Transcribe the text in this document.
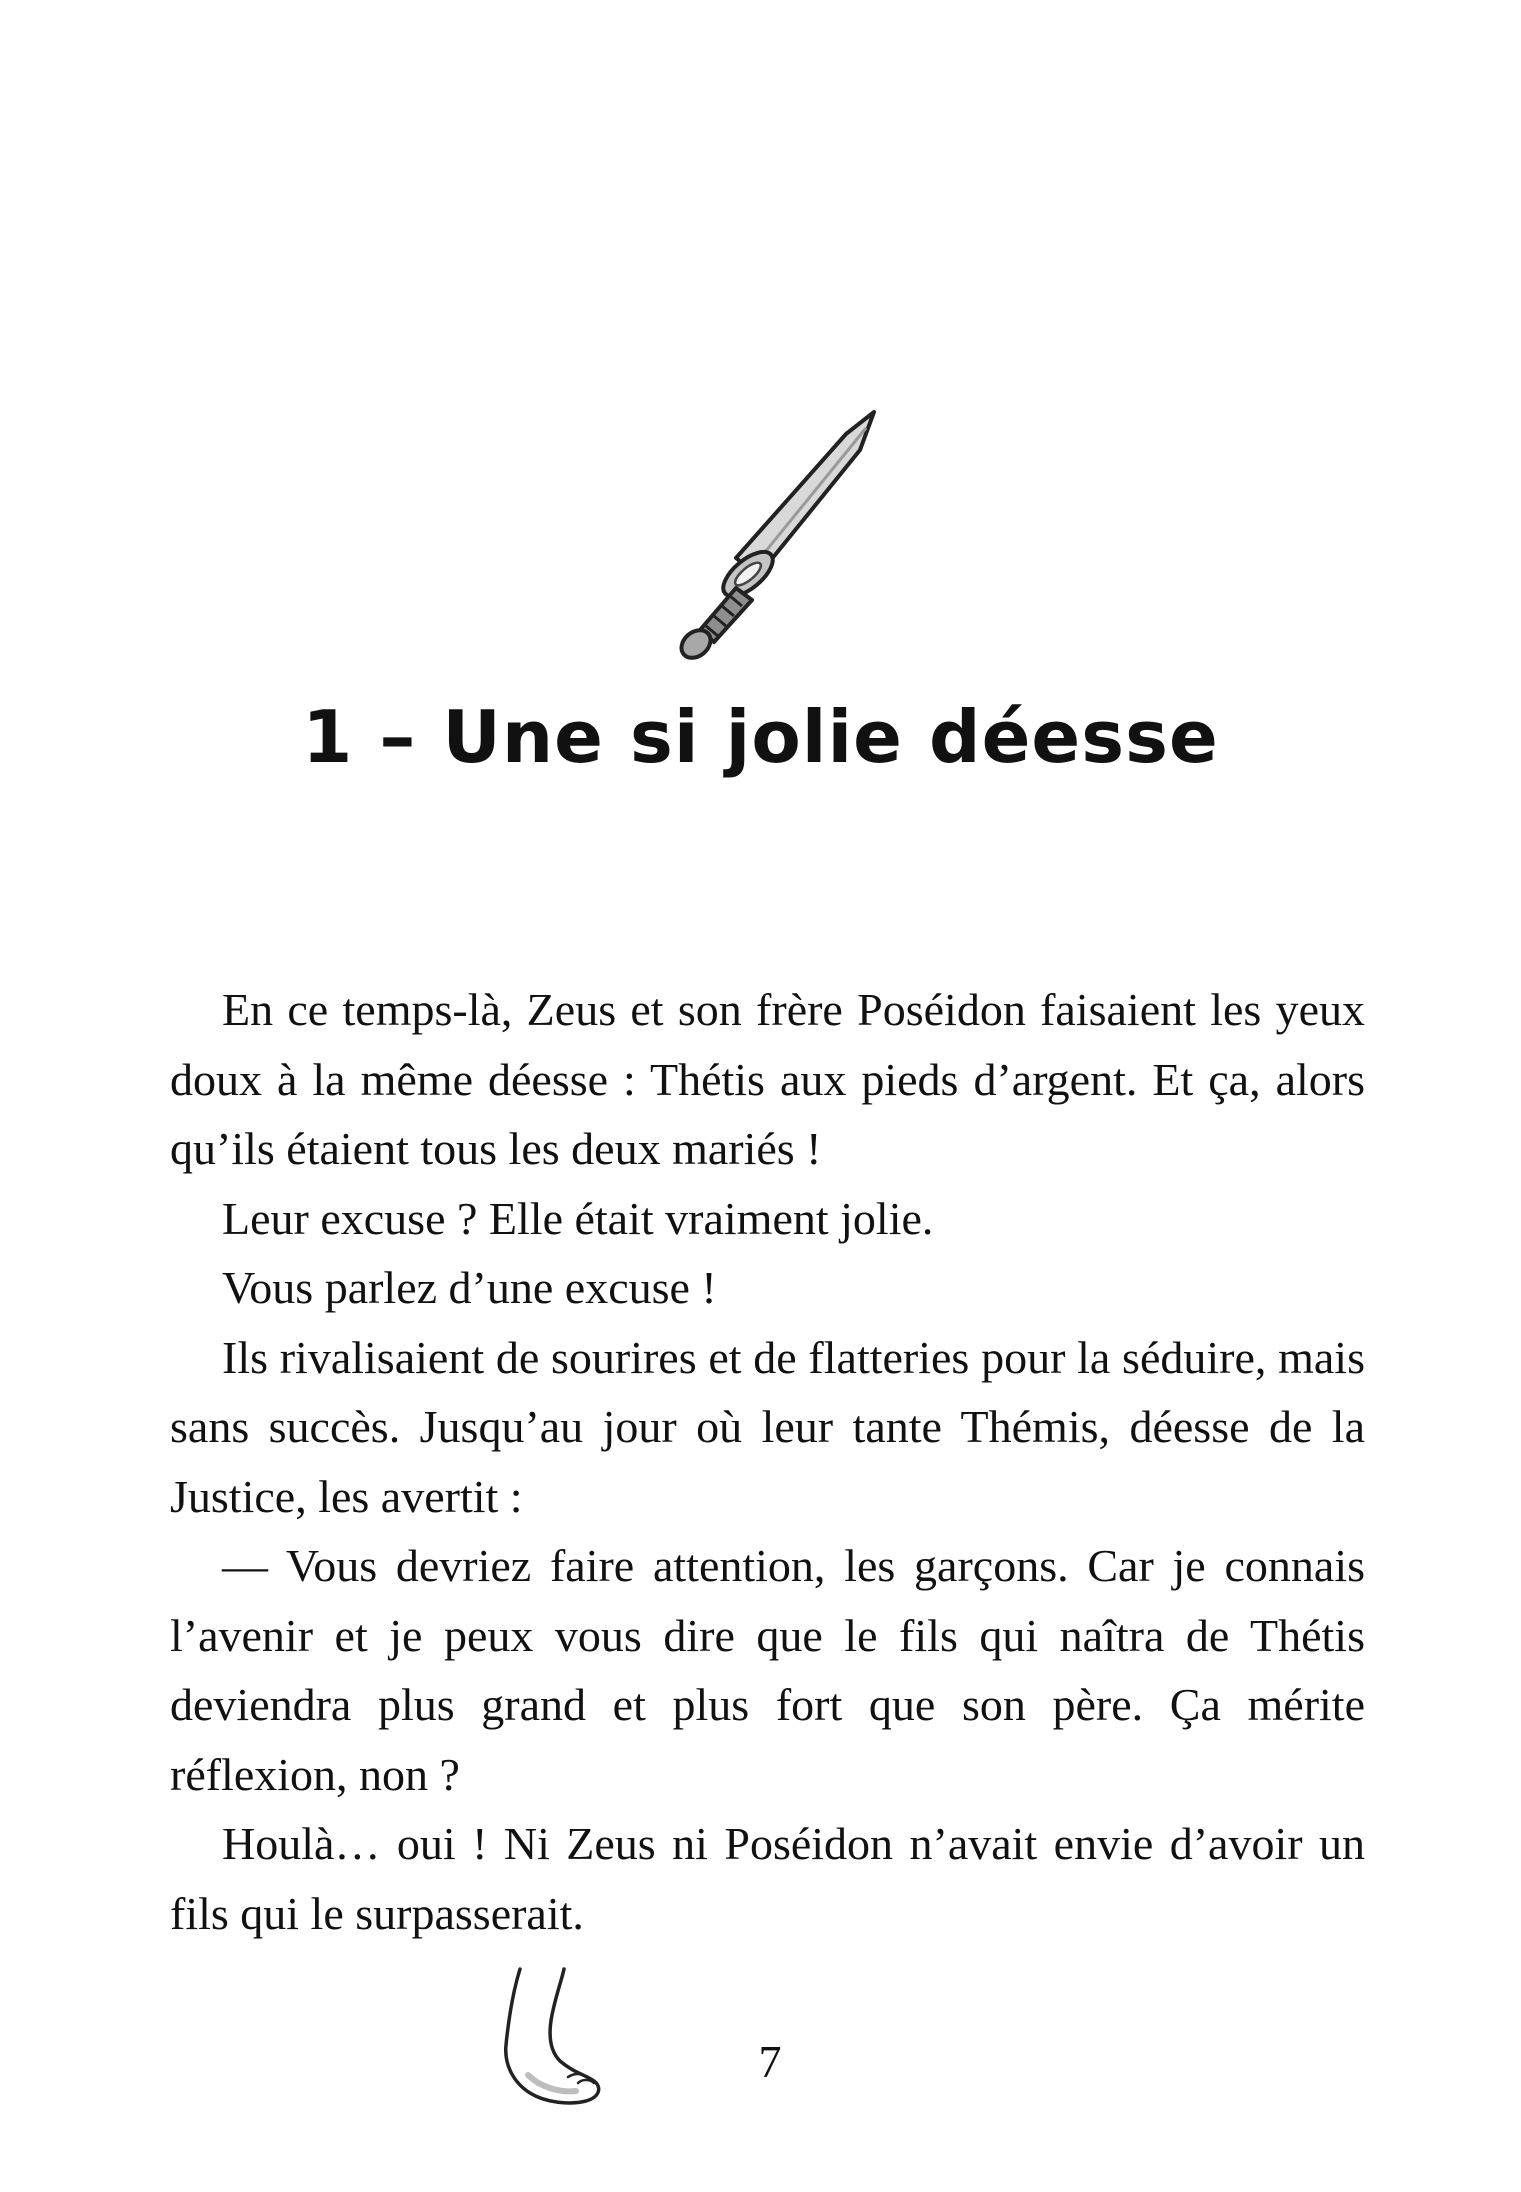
1 – Une si jolie déesse

En ce temps-là, Zeus et son frère Poséidon faisaient les yeux doux à la même déesse : Thétis aux pieds d’argent. Et ça, alors qu’ils étaient tous les deux mariés !

Leur excuse ? Elle était vraiment jolie.

Vous parlez d’une excuse !

Ils rivalisaient de sourires et de flatteries pour la séduire, mais sans succès. Jusqu’au jour où leur tante Thémis, déesse de la Justice, les avertit :

— Vous devriez faire attention, les garçons. Car je connais l’avenir et je peux vous dire que le fils qui naîtra de Thétis deviendra plus grand et plus fort que son père. Ça mérite réflexion, non ?

Houlà… oui ! Ni Zeus ni Poséidon n’avait envie d’avoir un fils qui le surpasserait.

7
